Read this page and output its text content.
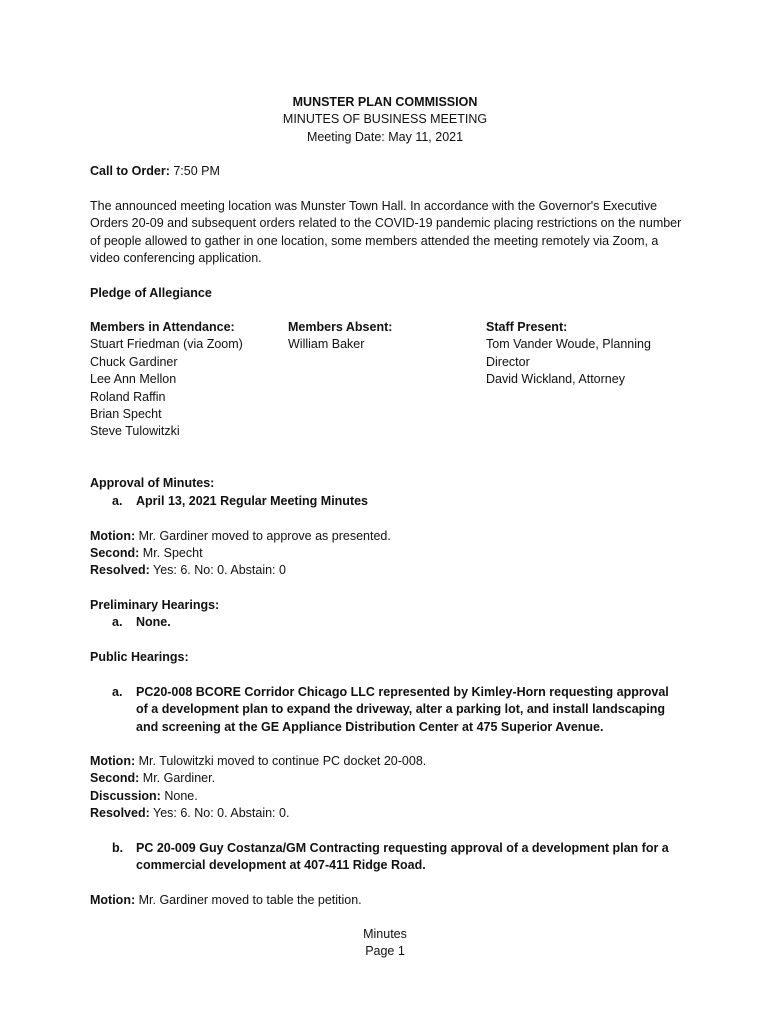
MUNSTER PLAN COMMISSION
MINUTES OF BUSINESS MEETING
Meeting Date: May 11, 2021
Call to Order: 7:50 PM
The announced meeting location was Munster Town Hall. In accordance with the Governor's Executive Orders 20-09 and subsequent orders related to the COVID-19 pandemic placing restrictions on the number of people allowed to gather in one location, some members attended the meeting remotely via Zoom, a video conferencing application.
Pledge of Allegiance
Members in Attendance:
Stuart Friedman (via Zoom)
Chuck Gardiner
Lee Ann Mellon
Roland Raffin
Brian Specht
Steve Tulowitzki
Members Absent:
William Baker
Staff Present:
Tom Vander Woude, Planning
Director
David Wickland, Attorney
Approval of Minutes:
a. April 13, 2021 Regular Meeting Minutes
Motion: Mr. Gardiner moved to approve as presented.
Second: Mr. Specht
Resolved: Yes: 6. No: 0. Abstain: 0
Preliminary Hearings:
a. None.
Public Hearings:
a. PC20-008 BCORE Corridor Chicago LLC represented by Kimley-Horn requesting approval of a development plan to expand the driveway, alter a parking lot, and install landscaping and screening at the GE Appliance Distribution Center at 475 Superior Avenue.
Motion: Mr. Tulowitzki moved to continue PC docket 20-008.
Second: Mr. Gardiner.
Discussion: None.
Resolved: Yes: 6. No: 0. Abstain: 0.
b. PC 20-009 Guy Costanza/GM Contracting requesting approval of a development plan for a commercial development at 407-411 Ridge Road.
Motion: Mr. Gardiner moved to table the petition.
Minutes
Page 1
